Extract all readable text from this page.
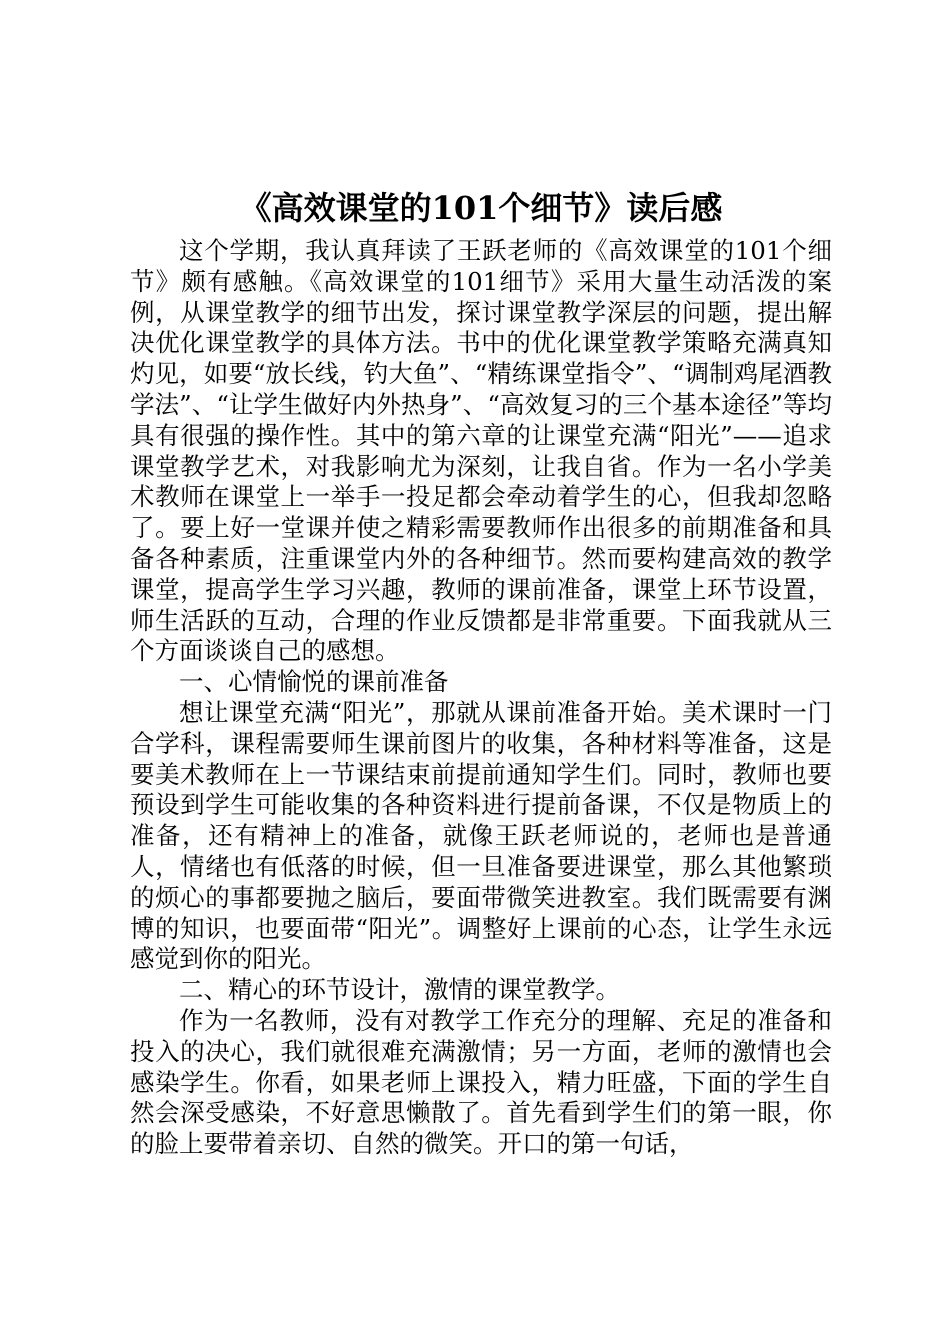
《高效课堂的101个细节》读后感

这个学期，我认真拜读了王跃老师的《高效课堂的101个细节》颇有感触。《高效课堂的101细节》采用大量生动活泼的案例，从课堂教学的细节出发，探讨课堂教学深层的问题，提出解决优化课堂教学的具体方法。书中的优化课堂教学策略充满真知灼见，如要“放长线，钓大鱼”、“精练课堂指令”、“调制鸡尾酒教学法”、“让学生做好内外热身”、“高效复习的三个基本途径”等均具有很强的操作性。其中的第六章的让课堂充满“阳光”——追求课堂教学艺术，对我影响尤为深刻，让我自省。作为一名小学美术教师在课堂上一举手一投足都会牵动着学生的心，但我却忽略了。要上好一堂课并使之精彩需要教师作出很多的前期准备和具备各种素质，注重课堂内外的各种细节。然而要构建高效的教学课堂，提高学生学习兴趣，教师的课前准备，课堂上环节设置，师生活跃的互动，合理的作业反馈都是非常重要。下面我就从三个方面谈谈自己的感想。

一、心情愉悦的课前准备

想让课堂充满“阳光”，那就从课前准备开始。美术课时一门合学科，课程需要师生课前图片的收集，各种材料等准备，这是要美术教师在上一节课结束前提前通知学生们。同时，教师也要预设到学生可能收集的各种资料进行提前备课，不仅是物质上的准备，还有精神上的准备，就像王跃老师说的，老师也是普通人，情绪也有低落的时候，但一旦准备要进课堂，那么其他繁琐的烦心的事都要抛之脑后，要面带微笑进教室。我们既需要有渊博的知识，也要面带“阳光”。调整好上课前的心态，让学生永远感觉到你的阳光。

二、精心的环节设计，激情的课堂教学。

作为一名教师，没有对教学工作充分的理解、充足的准备和投入的决心，我们就很难充满激情；另一方面，老师的激情也会感染学生。你看，如果老师上课投入，精力旺盛，下面的学生自然会深受感染，不好意思懒散了。首先看到学生们的第一眼，你的脸上要带着亲切、自然的微笑。开口的第一句话，
